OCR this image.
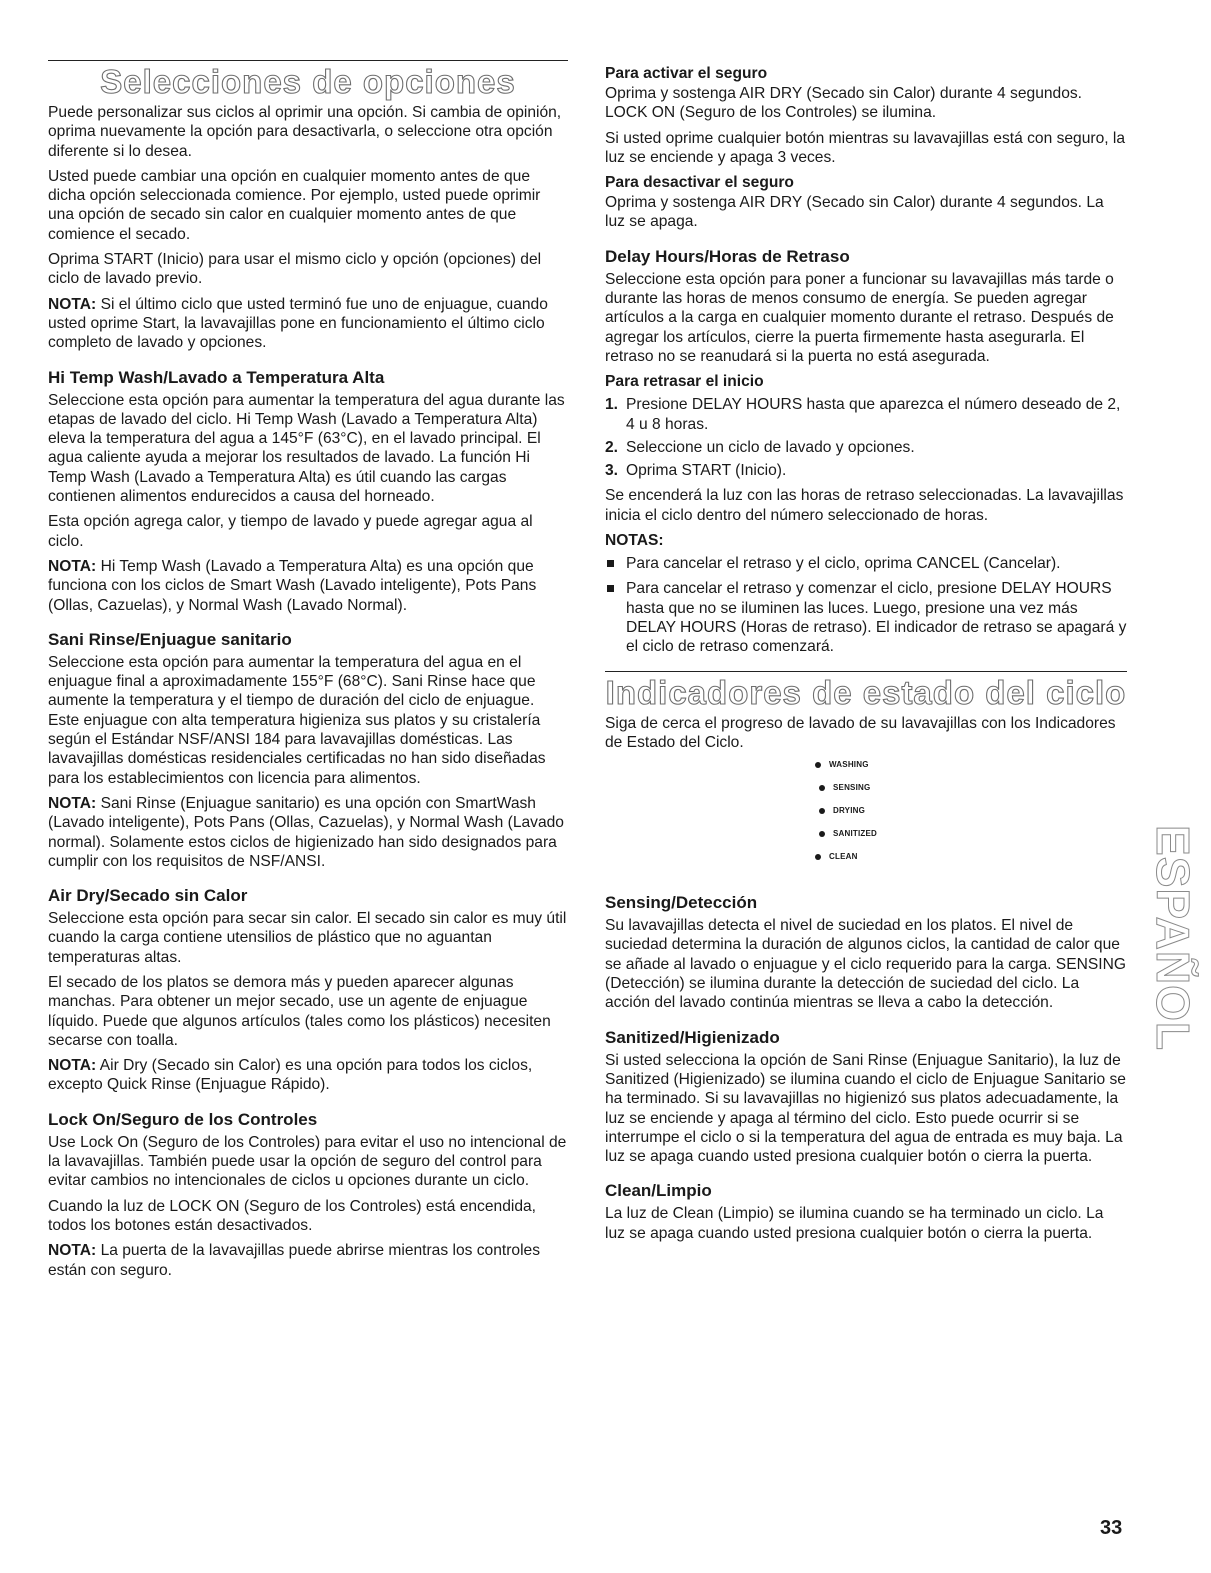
Selecciones de opciones

Puede personalizar sus ciclos al oprimir una opción. Si cambia de opinión, oprima nuevamente la opción para desactivarla, o seleccione otra opción diferente si lo desea.

Usted puede cambiar una opción en cualquier momento antes de que dicha opción seleccionada comience. Por ejemplo, usted puede oprimir una opción de secado sin calor en cualquier momento antes de que comience el secado.

Oprima START (Inicio) para usar el mismo ciclo y opción (opciones) del ciclo de lavado previo.

NOTA: Si el último ciclo que usted terminó fue uno de enjuague, cuando usted oprime Start, la lavavajillas pone en funcionamiento el último ciclo completo de lavado y opciones.

Hi Temp Wash/Lavado a Temperatura Alta

Seleccione esta opción para aumentar la temperatura del agua durante las etapas de lavado del ciclo. Hi Temp Wash (Lavado a Temperatura Alta) eleva la temperatura del agua a 145°F (63°C), en el lavado principal. El agua caliente ayuda a mejorar los resultados de lavado. La función Hi Temp Wash (Lavado a Temperatura Alta) es útil cuando las cargas contienen alimentos endurecidos a causa del horneado.

Esta opción agrega calor, y tiempo de lavado y puede agregar agua al ciclo.

NOTA: Hi Temp Wash (Lavado a Temperatura Alta) es una opción que funciona con los ciclos de Smart Wash (Lavado inteligente), Pots Pans (Ollas, Cazuelas), y Normal Wash (Lavado Normal).

Sani Rinse/Enjuague sanitario

Seleccione esta opción para aumentar la temperatura del agua en el enjuague final a aproximadamente 155°F (68°C). Sani Rinse hace que aumente la temperatura y el tiempo de duración del ciclo de enjuague. Este enjuague con alta temperatura higieniza sus platos y su cristalería según el Estándar NSF/ANSI 184 para lavavajillas domésticas. Las lavavajillas domésticas residenciales certificadas no han sido diseñadas para los establecimientos con licencia para alimentos.

NOTA: Sani Rinse (Enjuague sanitario) es una opción con SmartWash (Lavado inteligente), Pots Pans (Ollas, Cazuelas), y Normal Wash (Lavado normal). Solamente estos ciclos de higienizado han sido designados para cumplir con los requisitos de NSF/ANSI.

Air Dry/Secado sin Calor

Seleccione esta opción para secar sin calor. El secado sin calor es muy útil cuando la carga contiene utensilios de plástico que no aguantan temperaturas altas.

El secado de los platos se demora más y pueden aparecer algunas manchas. Para obtener un mejor secado, use un agente de enjuague líquido. Puede que algunos artículos (tales como los plásticos) necesiten secarse con toalla.

NOTA: Air Dry (Secado sin Calor) es una opción para todos los ciclos, excepto Quick Rinse (Enjuague Rápido).

Lock On/Seguro de los Controles

Use Lock On (Seguro de los Controles) para evitar el uso no intencional de la lavavajillas. También puede usar la opción de seguro del control para evitar cambios no intencionales de ciclos u opciones durante un ciclo.

Cuando la luz de LOCK ON (Seguro de los Controles) está encendida, todos los botones están desactivados.

NOTA: La puerta de la lavavajillas puede abrirse mientras los controles están con seguro.

Para activar el seguro

Oprima y sostenga AIR DRY (Secado sin Calor) durante 4 segundos. LOCK ON (Seguro de los Controles) se ilumina.

Si usted oprime cualquier botón mientras su lavavajillas está con seguro, la luz se enciende y apaga 3 veces.

Para desactivar el seguro

Oprima y sostenga AIR DRY (Secado sin Calor) durante 4 segundos. La luz se apaga.

Delay Hours/Horas de Retraso

Seleccione esta opción para poner a funcionar su lavavajillas más tarde o durante las horas de menos consumo de energía. Se pueden agregar artículos a la carga en cualquier momento durante el retraso. Después de agregar los artículos, cierre la puerta firmemente hasta asegurarla. El retraso no se reanudará si la puerta no está asegurada.

Para retrasar el inicio
1. Presione DELAY HOURS hasta que aparezca el número deseado de 2, 4 u 8 horas.
2. Seleccione un ciclo de lavado y opciones.
3. Oprima START (Inicio).

Se encenderá la luz con las horas de retraso seleccionadas. La lavavajillas inicia el ciclo dentro del número seleccionado de horas.

NOTAS:
Para cancelar el retraso y el ciclo, oprima CANCEL (Cancelar).
Para cancelar el retraso y comenzar el ciclo, presione DELAY HOURS hasta que no se iluminen las luces. Luego, presione una vez más DELAY HOURS (Horas de retraso). El indicador de retraso se apagará y el ciclo de retraso comenzará.
Indicadores de estado del ciclo

Siga de cerca el progreso de lavado de su lavavajillas con los Indicadores de Estado del Ciclo.

WASHING
SENSING
DRYING
SANITIZED
CLEAN
Sensing/Detección

Su lavavajillas detecta el nivel de suciedad en los platos. El nivel de suciedad determina la duración de algunos ciclos, la cantidad de calor que se añade al lavado o enjuague y el ciclo requerido para la carga. SENSING (Detección) se ilumina durante la detección de suciedad del ciclo. La acción del lavado continúa mientras se lleva a cabo la detección.

Sanitized/Higienizado

Si usted selecciona la opción de Sani Rinse (Enjuague Sanitario), la luz de Sanitized (Higienizado) se ilumina cuando el ciclo de Enjuague Sanitario se ha terminado. Si su lavavajillas no higienizó sus platos adecuadamente, la luz se enciende y apaga al término del ciclo. Esto puede ocurrir si se interrumpe el ciclo o si la temperatura del agua de entrada es muy baja. La luz se apaga cuando usted presiona cualquier botón o cierra la puerta.

Clean/Limpio

La luz de Clean (Limpio) se ilumina cuando se ha terminado un ciclo. La luz se apaga cuando usted presiona cualquier botón o cierra la puerta.

ESPAÑOL
33
